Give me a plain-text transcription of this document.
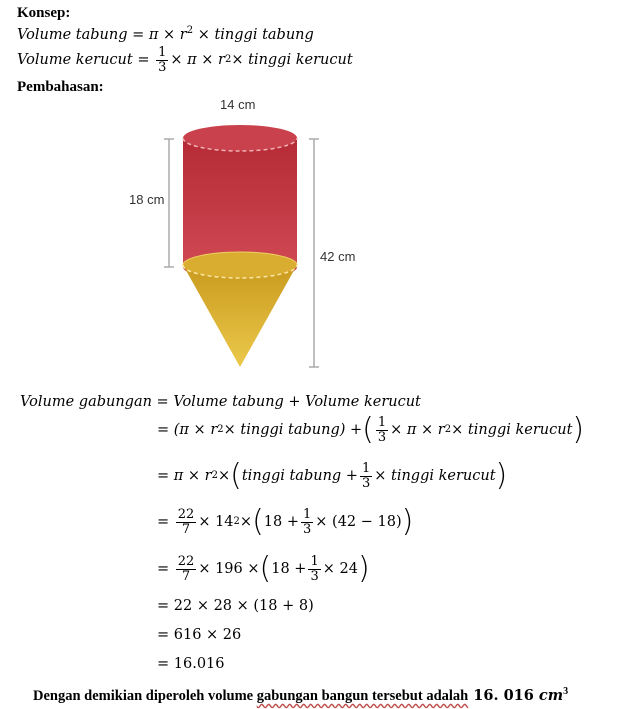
Konsep:
Volume tabung = $\pi \times r^2$ × tinggi tabung
Volume kerucut = $\frac{1}{3} \times \pi \times r$ 2 × tinggi kerucut
Pembahasan:
14 cm
18 cm
42 cm
Volume gabungan = Volume tabung + Volume kerucut
= (π × r 2 × tinggi tabung) + ( $\frac{1}{3} \times \pi \times r$ 2 × tinggi kerucut )
= π × r 2 × ( tinggi tabung + $\frac{1}{3}$ × tinggi kerucut )
= $\frac{22}{7} \times 14$ 2 × ( $18 + \frac{1}{3} \times (42 - 18)$ )
= $\frac{22}{7} \times 196$ × ( $18 + \frac{1}{3} \times 24$ )
= 22 × 28 × (18 + 8)
= 616 × 26
= 16.016
Dengan demikian diperoleh volume gabungan bangun tersebut adalah 16. 016 $cm^3$
